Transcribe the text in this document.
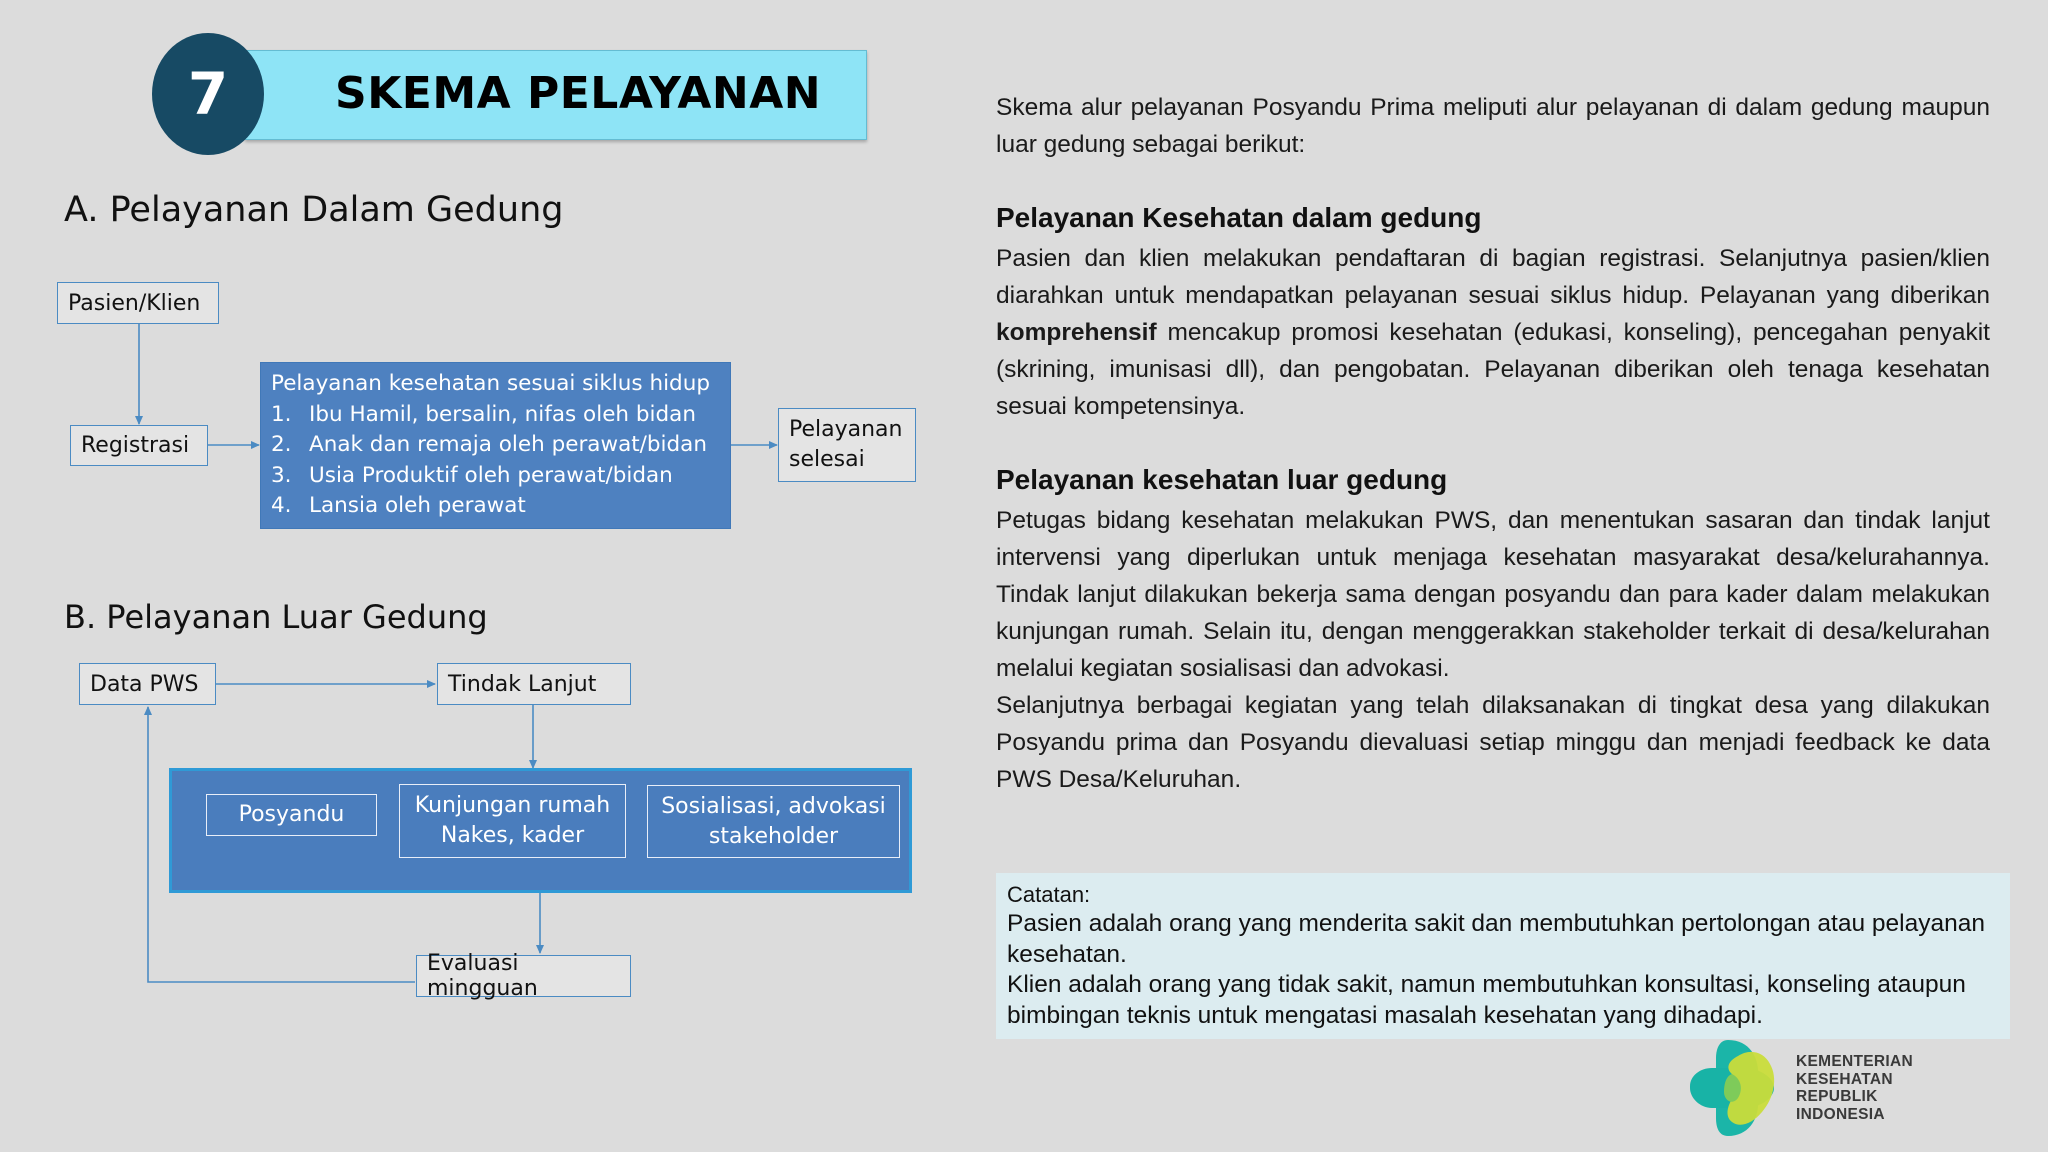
SKEMA PELAYANAN
7
A. Pelayanan Dalam Gedung
Pasien/Klien
Registrasi
Pelayanan kesehatan sesuai siklus hidup
1. Ibu Hamil, bersalin, nifas oleh bidan
2. Anak dan remaja oleh perawat/bidan
3. Usia Produktif oleh perawat/bidan
4. Lansia oleh perawat
Pelayanan
selesai
B. Pelayanan Luar Gedung
Data PWS	Tindak Lanjut
Posyandu	Kunjungan rumah
Nakes, kader
Sosialisasi, advokasi
stakeholder
Evaluasi mingguan
Skema alur pelayanan Posyandu Prima meliputi alur pelayanan di dalam gedung maupun luar gedung sebagai berikut:
Pelayanan Kesehatan dalam gedung
Pasien dan klien melakukan pendaftaran di bagian registrasi. Selanjutnya pasien/klien diarahkan untuk mendapatkan pelayanan sesuai siklus hidup. Pelayanan yang diberikan komprehensif mencakup promosi kesehatan (edukasi, konseling), pencegahan penyakit (skrining, imunisasi dll), dan pengobatan. Pelayanan diberikan oleh tenaga kesehatan sesuai kompetensinya.
Pelayanan kesehatan luar gedung
Petugas bidang kesehatan melakukan PWS, dan menentukan sasaran dan tindak lanjut intervensi yang diperlukan untuk menjaga kesehatan masyarakat desa/kelurahannya. Tindak lanjut dilakukan bekerja sama dengan posyandu dan para kader dalam melakukan kunjungan rumah. Selain itu, dengan menggerakkan stakeholder terkait di desa/kelurahan melalui kegiatan sosialisasi dan advokasi.
Selanjutnya berbagai kegiatan yang telah dilaksanakan di tingkat desa yang dilakukan Posyandu prima dan Posyandu dievaluasi setiap minggu dan menjadi feedback ke data PWS Desa/Keluruhan.
Catatan:
Pasien adalah orang yang menderita sakit dan membutuhkan pertolongan atau pelayanan kesehatan.
Klien adalah orang yang tidak sakit, namun membutuhkan konsultasi, konseling ataupun bimbingan teknis untuk mengatasi masalah kesehatan yang dihadapi.
KEMENTERIAN
KESEHATAN
REPUBLIK
INDONESIA
